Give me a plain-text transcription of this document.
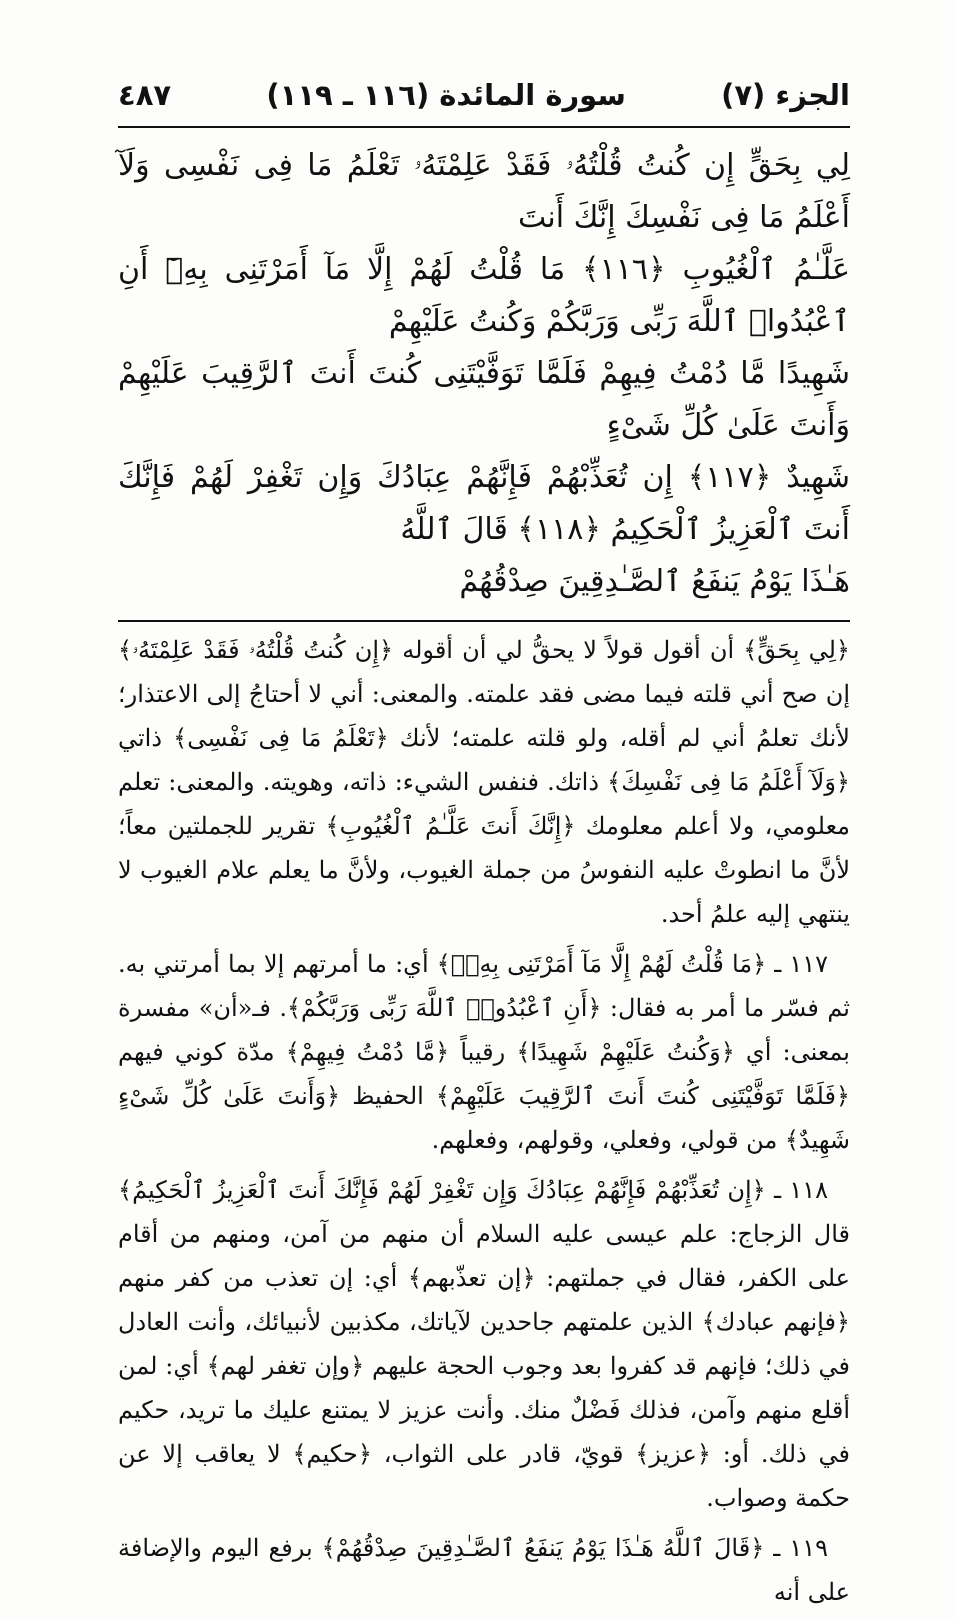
الجزء (٧)
سورة المائدة (١١٦ ـ ١١٩)
٤٨٧

لِي بِحَقٍّ إِن كُنتُ قُلْتُهُۥ فَقَدْ عَلِمْتَهُۥ تَعْلَمُ مَا فِى نَفْسِى وَلَآ أَعْلَمُ مَا فِى نَفْسِكَ إِنَّكَ أَنتَ

عَلَّـٰمُ ٱلْغُيُوبِ ﴿١١٦﴾ مَا قُلْتُ لَهُمْ إِلَّا مَآ أَمَرْتَنِى بِهِۦٓ أَنِ ٱعْبُدُوا۟ ٱللَّهَ رَبِّى وَرَبَّكُمْ وَكُنتُ عَلَيْهِمْ

شَهِيدًا مَّا دُمْتُ فِيهِمْ فَلَمَّا تَوَفَّيْتَنِى كُنتَ أَنتَ ٱلرَّقِيبَ عَلَيْهِمْ وَأَنتَ عَلَىٰ كُلِّ شَىْءٍ

شَهِيدٌ ﴿١١٧﴾ إِن تُعَذِّبْهُمْ فَإِنَّهُمْ عِبَادُكَ وَإِن تَغْفِرْ لَهُمْ فَإِنَّكَ أَنتَ ٱلْعَزِيزُ ٱلْحَكِيمُ ﴿١١٨﴾ قَالَ ٱللَّهُ

هَـٰذَا يَوْمُ يَنفَعُ ٱلصَّـٰدِقِينَ صِدْقُهُمْ

﴿لِي بِحَقٍّ﴾ أن أقول قولاً لا يحقُّ لي أن أقوله ﴿إِن كُنتُ قُلْتُهُۥ فَقَدْ عَلِمْتَهُۥ﴾ إن صح أني قلته فيما مضى فقد علمته. والمعنى: أني لا أحتاجُ إلى الاعتذار؛ لأنك تعلمُ أني لم أقله، ولو قلته علمته؛ لأنك ﴿تَعْلَمُ مَا فِى نَفْسِى﴾ ذاتي ﴿وَلَآ أَعْلَمُ مَا فِى نَفْسِكَ﴾ ذاتك. فنفس الشيء: ذاته، وهويته. والمعنى: تعلم معلومي، ولا أعلم معلومك ﴿إِنَّكَ أَنتَ عَلَّـٰمُ ٱلْغُيُوبِ﴾ تقرير للجملتين معاً؛ لأنَّ ما انطوتْ عليه النفوسُ من جملة الغيوب، ولأنَّ ما يعلم علام الغيوب لا ينتهي إليه علمُ أحد.

١١٧ ـ ﴿مَا قُلْتُ لَهُمْ إِلَّا مَآ أَمَرْتَنِى بِهِۦٓ﴾ أي: ما أمرتهم إلا بما أمرتني به. ثم فسّر ما أمر به فقال: ﴿أَنِ ٱعْبُدُوا۟ ٱللَّهَ رَبِّى وَرَبَّكُمْ﴾. فـ«أن» مفسرة بمعنى: أي ﴿وَكُنتُ عَلَيْهِمْ شَهِيدًا﴾ رقيباً ﴿مَّا دُمْتُ فِيهِمْ﴾ مدّة كوني فيهم ﴿فَلَمَّا تَوَفَّيْتَنِى كُنتَ أَنتَ ٱلرَّقِيبَ عَلَيْهِمْ﴾ الحفيظ ﴿وَأَنتَ عَلَىٰ كُلِّ شَىْءٍ شَهِيدٌ﴾ من قولي، وفعلي، وقولهم، وفعلهم.

١١٨ ـ ﴿إِن تُعَذِّبْهُمْ فَإِنَّهُمْ عِبَادُكَ وَإِن تَغْفِرْ لَهُمْ فَإِنَّكَ أَنتَ ٱلْعَزِيزُ ٱلْحَكِيمُ﴾ قال الزجاج: علم عيسى عليه السلام أن منهم من آمن، ومنهم من أقام على الكفر، فقال في جملتهم: ﴿إن تعذّبهم﴾ أي: إن تعذب من كفر منهم ﴿فإنهم عبادك﴾ الذين علمتهم جاحدين لآياتك، مكذبين لأنبيائك، وأنت العادل في ذلك؛ فإنهم قد كفروا بعد وجوب الحجة عليهم ﴿وإن تغفر لهم﴾ أي: لمن أقلع منهم وآمن، فذلك فَضْلٌ منك. وأنت عزيز لا يمتنع عليك ما تريد، حكيم في ذلك. أو: ﴿عزيز﴾ قويّ، قادر على الثواب، ﴿حكيم﴾ لا يعاقب إلا عن حكمة وصواب.

١١٩ ـ ﴿قَالَ ٱللَّهُ هَـٰذَا يَوْمُ يَنفَعُ ٱلصَّـٰدِقِينَ صِدْقُهُمْ﴾ برفع اليوم والإضافة على أنه
